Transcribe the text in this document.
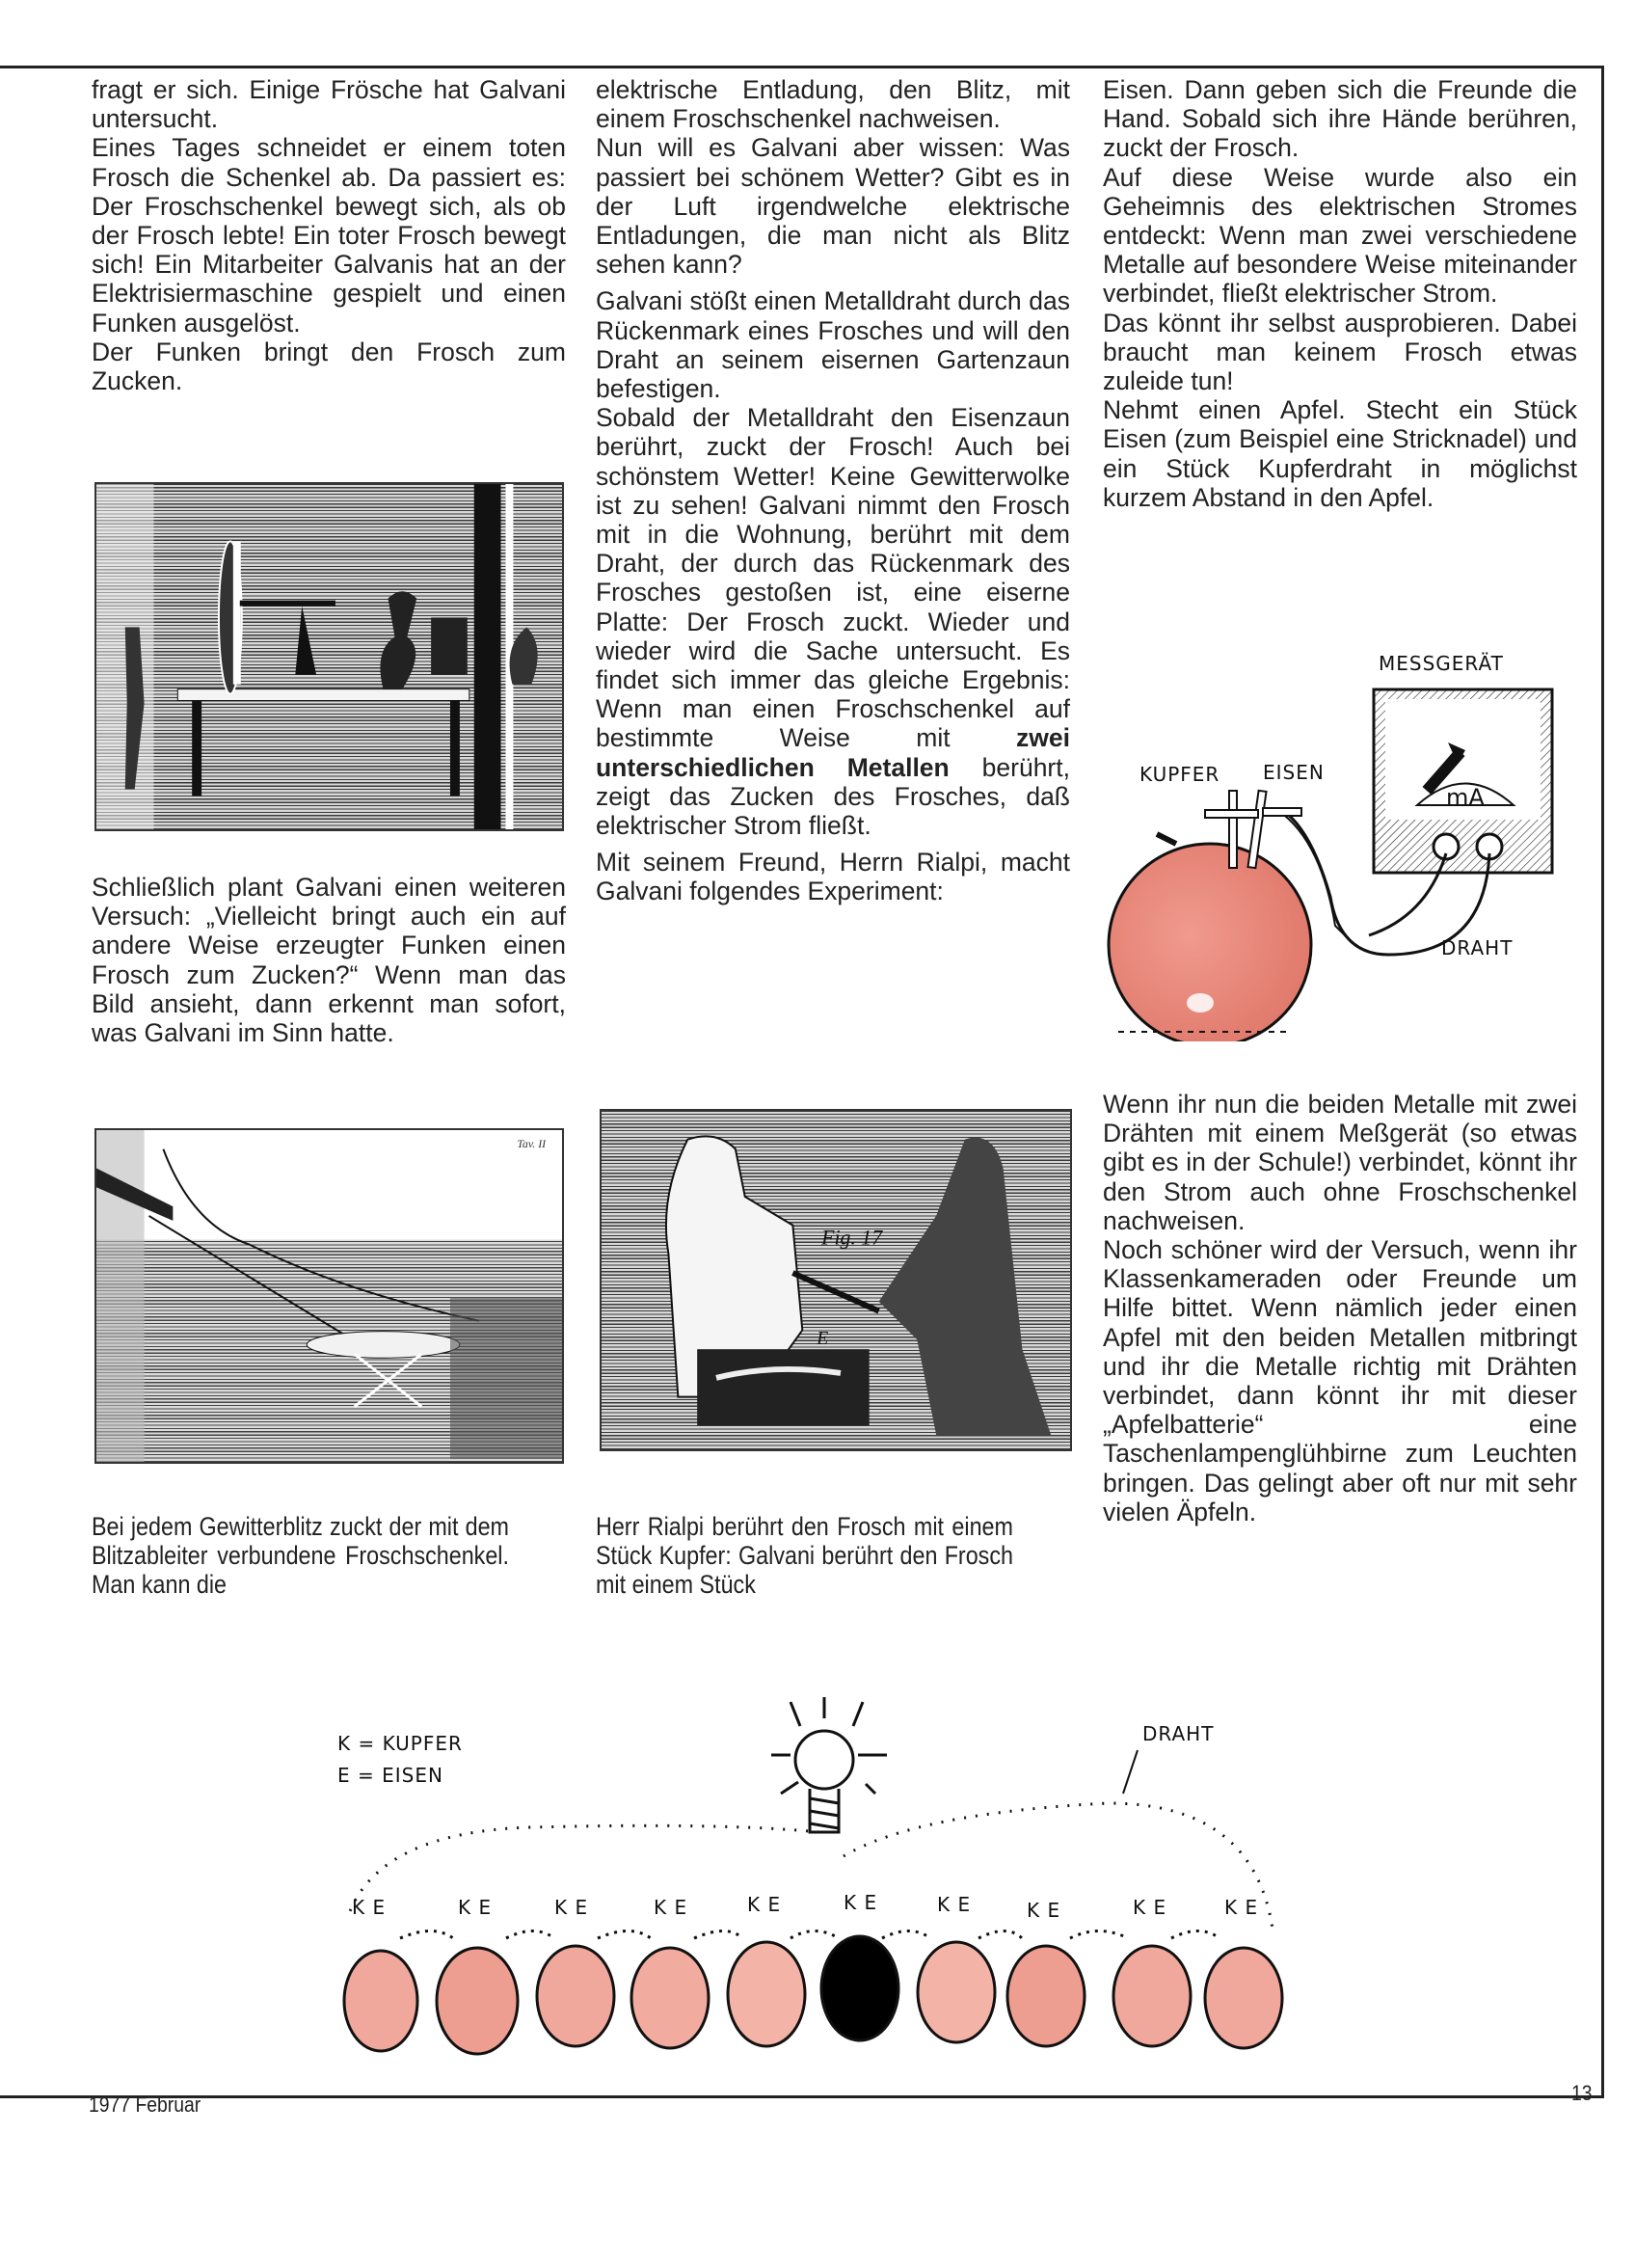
fragt er sich. Einige Frösche hat Galvani untersucht.

Eines Tages schneidet er einem toten Frosch die Schenkel ab. Da passiert es: Der Froschschenkel bewegt sich, als ob der Frosch lebte! Ein toter Frosch bewegt sich! Ein Mitarbeiter Galvanis hat an der Elektrisiermaschine gespielt und einen Funken ausgelöst.

Der Funken bringt den Frosch zum Zucken.

Schließlich plant Galvani einen weiteren Versuch: „Vielleicht bringt auch ein auf andere Weise erzeugter Funken einen Frosch zum Zucken?“ Wenn man das Bild ansieht, dann erkennt man sofort, was Galvani im Sinn hatte.

Tav. II

Bei jedem Gewitterblitz zuckt der mit dem Blitzableiter verbundene Froschschenkel. Man kann die

elektrische Entladung, den Blitz, mit einem Froschschenkel nachweisen.

Nun will es Galvani aber wissen: Was passiert bei schönem Wetter? Gibt es in der Luft irgendwelche elektrische Entladungen, die man nicht als Blitz sehen kann?

Galvani stößt einen Metalldraht durch das Rückenmark eines Frosches und will den Draht an seinem eisernen Gartenzaun befestigen.

Sobald der Metalldraht den Eisenzaun berührt, zuckt der Frosch! Auch bei schönstem Wetter! Keine Gewitterwolke ist zu sehen! Galvani nimmt den Frosch mit in die Wohnung, berührt mit dem Draht, der durch das Rückenmark des Frosches gestoßen ist, eine eiserne Platte: Der Frosch zuckt. Wieder und wieder wird die Sache untersucht. Es findet sich immer das gleiche Ergebnis: Wenn man einen Froschschenkel auf bestimmte Weise mit zwei unterschiedlichen Metallen berührt, zeigt das Zucken des Frosches, daß elektrischer Strom fließt.

Mit seinem Freund, Herrn Rialpi, macht Galvani folgendes Experiment:

Fig. 17
E

Herr Rialpi berührt den Frosch mit einem Stück Kupfer: Galvani berührt den Frosch mit einem Stück

Eisen. Dann geben sich die Freunde die Hand. Sobald sich ihre Hände berühren, zuckt der Frosch.

Auf diese Weise wurde also ein Geheimnis des elektrischen Stromes entdeckt: Wenn man zwei verschiedene Metalle auf besondere Weise miteinander verbindet, fließt elektrischer Strom.

Das könnt ihr selbst ausprobieren. Dabei braucht man keinem Frosch etwas zuleide tun!

Nehmt einen Apfel. Stecht ein Stück Eisen (zum Beispiel eine Stricknadel) und ein Stück Kupferdraht in möglichst kurzem Abstand in den Apfel.

MESSGERÄT
mA
DRAHT
KUPFER EISEN

Wenn ihr nun die beiden Metalle mit zwei Drähten mit einem Meßgerät (so etwas gibt es in der Schule!) verbindet, könnt ihr den Strom auch ohne Froschschenkel nachweisen.

Noch schöner wird der Versuch, wenn ihr Klassenkameraden oder Freunde um Hilfe bittet. Wenn nämlich jeder einen Apfel mit den beiden Metallen mitbringt und ihr die Metalle richtig mit Drähten verbindet, dann könnt ihr mit dieser „Apfelbatterie“ eine Taschenlampenglühbirne zum Leuchten bringen. Das gelingt aber oft nur mit sehr vielen Äpfeln.

K = KUPFER
E = EISEN
DRAHT
K E	K E	K E	K E	K E	K E	K E	K E	K E	K E
1977 Februar	13
